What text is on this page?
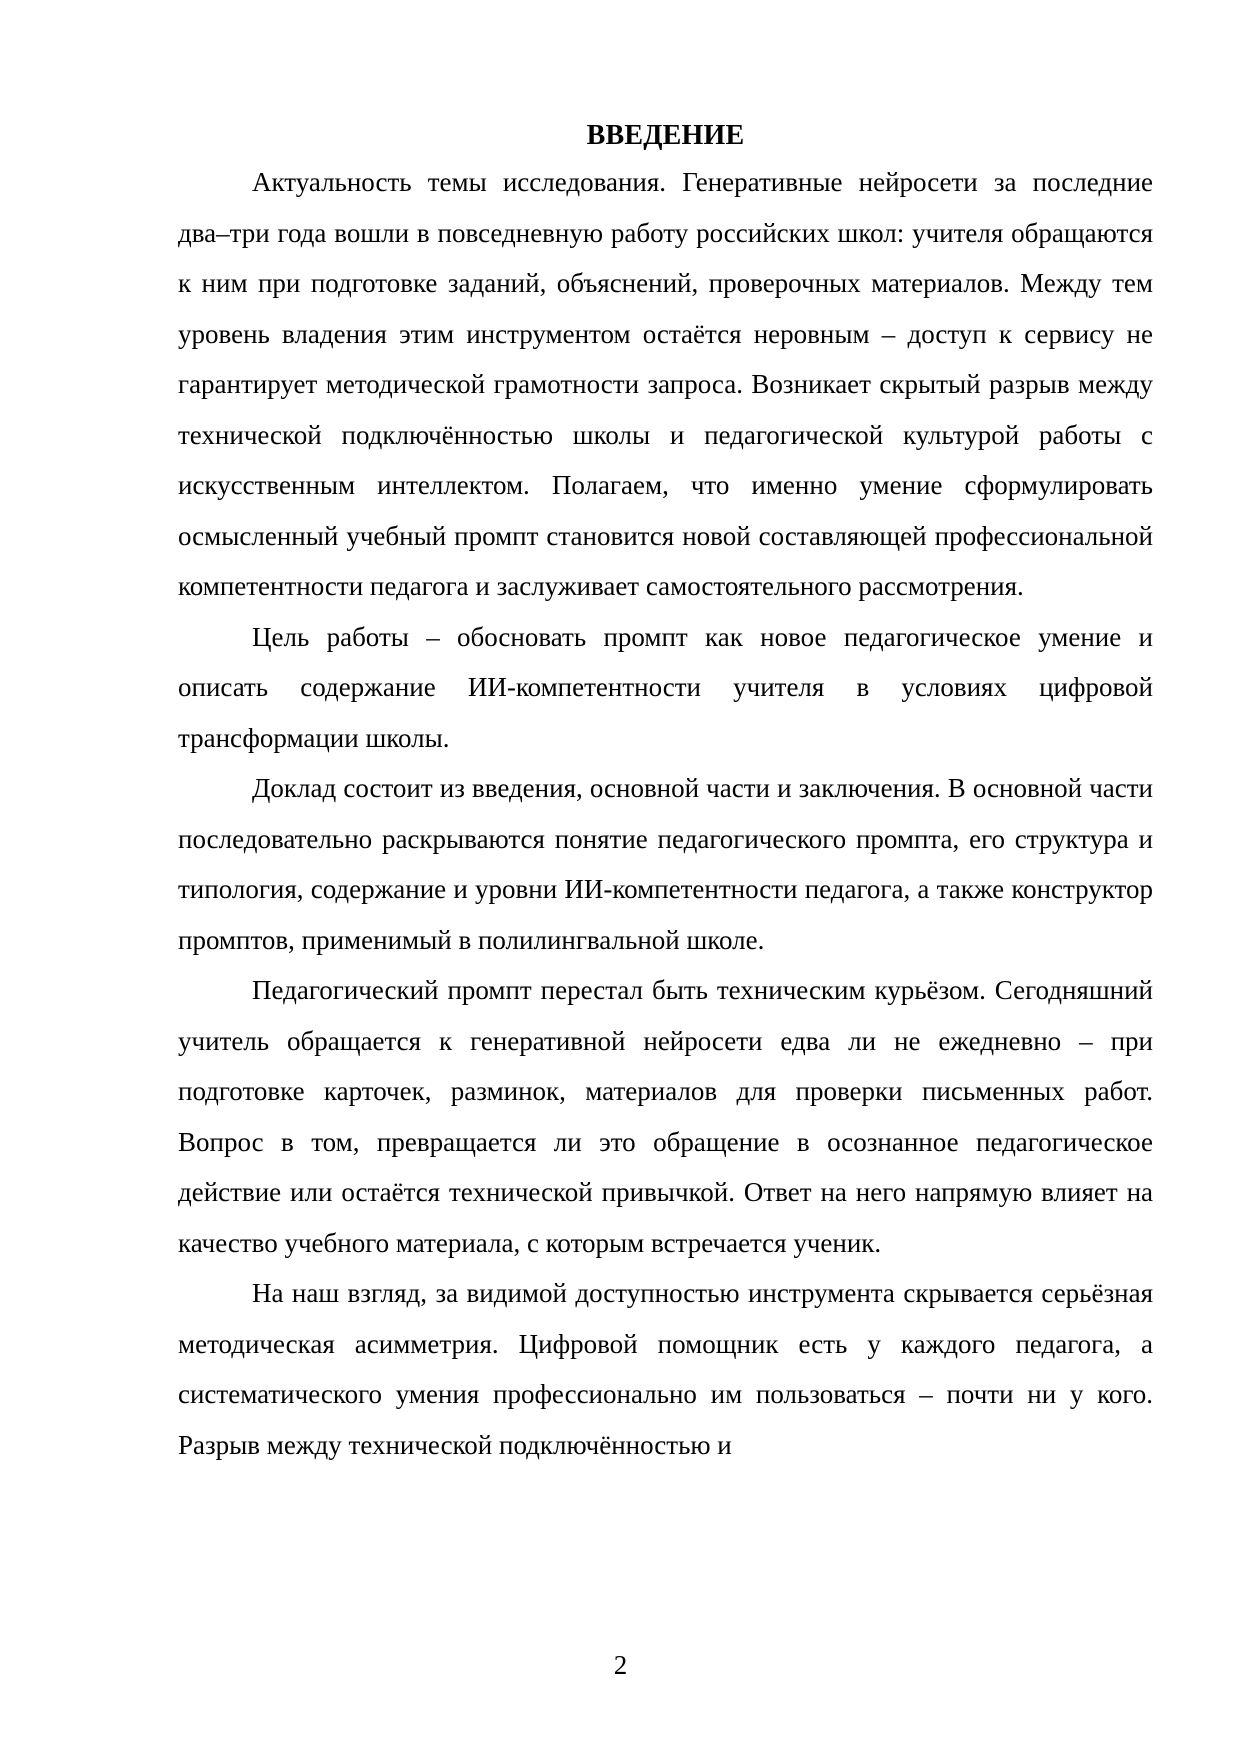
ВВЕДЕНИЕ

Актуальность темы исследования. Генеративные нейросети за последние два–три года вошли в повседневную работу российских школ: учителя обращаются к ним при подготовке заданий, объяснений, проверочных материалов. Между тем уровень владения этим инструментом остаётся неровным – доступ к сервису не гарантирует методической грамотности запроса. Возникает скрытый разрыв между технической подключённостью школы и педагогической культурой работы с искусственным интеллектом. Полагаем, что именно умение сформулировать осмысленный учебный промпт становится новой составляющей профессиональной компетентности педагога и заслуживает самостоятельного рассмотрения.

Цель работы – обосновать промпт как новое педагогическое умение и описать содержание ИИ-компетентности учителя в условиях цифровой трансформации школы.

Доклад состоит из введения, основной части и заключения. В основной части последовательно раскрываются понятие педагогического промпта, его структура и типология, содержание и уровни ИИ-компетентности педагога, а также конструктор промптов, применимый в полилингвальной школе.

Педагогический промпт перестал быть техническим курьёзом. Сегодняшний учитель обращается к генеративной нейросети едва ли не ежедневно – при подготовке карточек, разминок, материалов для проверки письменных работ. Вопрос в том, превращается ли это обращение в осознанное педагогическое действие или остаётся технической привычкой. Ответ на него напрямую влияет на качество учебного материала, с которым встречается ученик.

На наш взгляд, за видимой доступностью инструмента скрывается серьёзная методическая асимметрия. Цифровой помощник есть у каждого педагога, а систематического умения профессионально им пользоваться – почти ни у кого. Разрыв между технической подключённостью и

2
